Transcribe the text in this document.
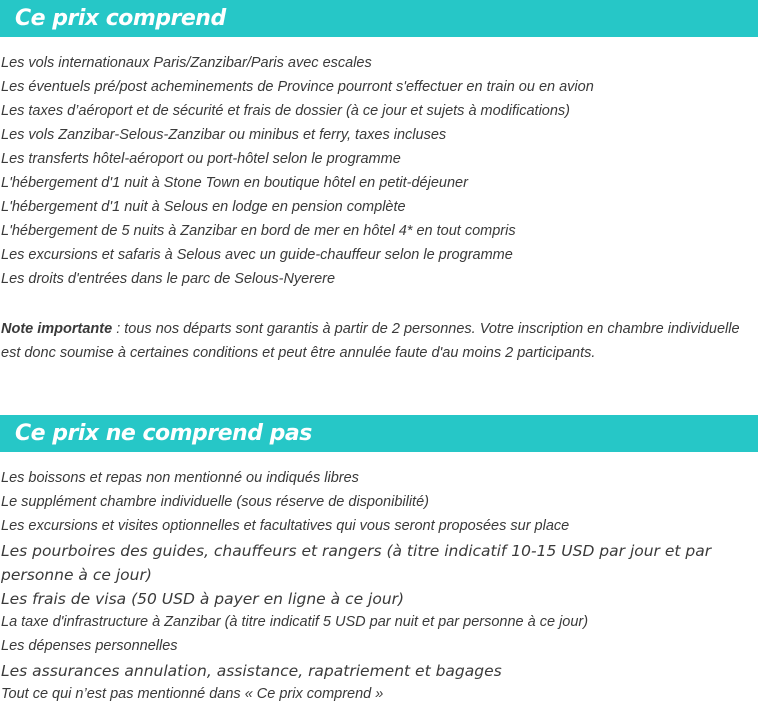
Ce prix comprend
Les vols internationaux Paris/Zanzibar/Paris avec escales
Les éventuels pré/post acheminements de Province pourront s'effectuer en train ou en avion
Les taxes d’aéroport et de sécurité et frais de dossier (à ce jour et sujets à modifications)
Les vols Zanzibar-Selous-Zanzibar ou minibus et ferry, taxes incluses
Les transferts hôtel-aéroport ou port-hôtel selon le programme
L'hébergement d'1 nuit à Stone Town en boutique hôtel en petit-déjeuner
L'hébergement d'1 nuit à Selous en lodge en pension complète
L'hébergement de 5 nuits à Zanzibar en bord de mer en hôtel 4* en tout compris
Les excursions et safaris à Selous avec un guide-chauffeur selon le programme
Les droits d'entrées dans le parc de Selous-Nyerere
Note importante : tous nos départs sont garantis à partir de 2 personnes. Votre inscription en chambre individuelle est donc soumise à certaines conditions et peut être annulée faute d'au moins 2 participants.
Ce prix ne comprend pas
Les boissons et repas non mentionné ou indiqués libres
Le supplément chambre individuelle (sous réserve de disponibilité)
Les excursions et visites optionnelles et facultatives qui vous seront proposées sur place
Les pourboires des guides, chauffeurs et rangers (à titre indicatif 10-15 USD par jour et par
personne à ce jour)
Les frais de visa (50 USD à payer en ligne à ce jour)
La taxe d'infrastructure à Zanzibar (à titre indicatif 5 USD par nuit et par personne à ce jour)
Les dépenses personnelles
Les assurances annulation, assistance, rapatriement et bagages
Tout ce qui n’est pas mentionné dans « Ce prix comprend »
